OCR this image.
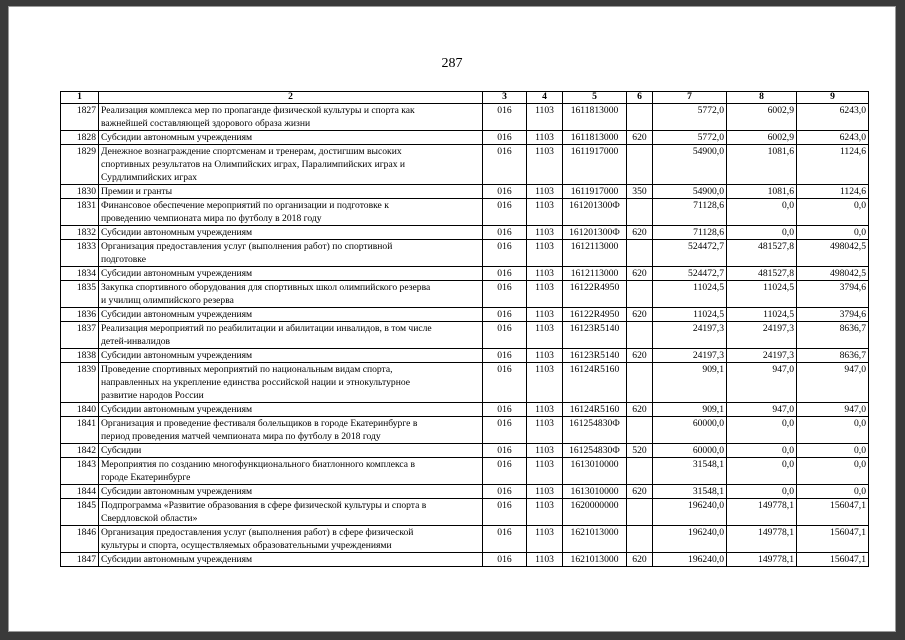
287
1	2	3	4	5	6	7	8	9
1827	Реализация комплекса мер по пропаганде физической культуры и спорта как
важнейшей составляющей здорового образа жизни	016	1103	1611813000		5772,0	6002,9	6243,0
1828	Субсидии автономным учреждениям	016	1103	1611813000	620	5772,0	6002,9	6243,0
1829	Денежное вознаграждение спортсменам и тренерам, достигшим высоких
спортивных результатов на Олимпийских играх, Паралимпийских играх и
Сурдлимпийских играх	016	1103	1611917000		54900,0	1081,6	1124,6
1830	Премии и гранты	016	1103	1611917000	350	54900,0	1081,6	1124,6
1831	Финансовое обеспечение мероприятий по организации и подготовке к
проведению чемпионата мира по футболу в 2018 году	016	1103	161201300Ф		71128,6	0,0	0,0
1832	Субсидии автономным учреждениям	016	1103	161201300Ф	620	71128,6	0,0	0,0
1833	Организация предоставления услуг (выполнения работ) по спортивной
подготовке	016	1103	1612113000		524472,7	481527,8	498042,5
1834	Субсидии автономным учреждениям	016	1103	1612113000	620	524472,7	481527,8	498042,5
1835	Закупка спортивного оборудования для спортивных школ олимпийского резерва
и училищ олимпийского резерва	016	1103	16122R4950		11024,5	11024,5	3794,6
1836	Субсидии автономным учреждениям	016	1103	16122R4950	620	11024,5	11024,5	3794,6
1837	Реализация мероприятий по реабилитации и абилитации инвалидов, в том числе
детей-инвалидов	016	1103	16123R5140		24197,3	24197,3	8636,7
1838	Субсидии автономным учреждениям	016	1103	16123R5140	620	24197,3	24197,3	8636,7
1839	Проведение спортивных мероприятий по национальным видам спорта,
направленных на укрепление единства российской нации и этнокультурное
развитие народов России	016	1103	16124R5160		909,1	947,0	947,0
1840	Субсидии автономным учреждениям	016	1103	16124R5160	620	909,1	947,0	947,0
1841	Организация и проведение фестиваля болельщиков в городе Екатеринбурге в
период проведения матчей чемпионата мира по футболу в 2018 году	016	1103	161254830Ф		60000,0	0,0	0,0
1842	Субсидии	016	1103	161254830Ф	520	60000,0	0,0	0,0
1843	Мероприятия по созданию многофункционального биатлонного комплекса в
городе Екатеринбурге	016	1103	1613010000		31548,1	0,0	0,0
1844	Субсидии автономным учреждениям	016	1103	1613010000	620	31548,1	0,0	0,0
1845	Подпрограмма «Развитие образования в сфере физической культуры и спорта в
Свердловской области»	016	1103	1620000000		196240,0	149778,1	156047,1
1846	Организация предоставления услуг (выполнения работ) в сфере физической
культуры и спорта, осуществляемых образовательными учреждениями	016	1103	1621013000		196240,0	149778,1	156047,1
1847	Субсидии автономным учреждениям	016	1103	1621013000	620	196240,0	149778,1	156047,1
